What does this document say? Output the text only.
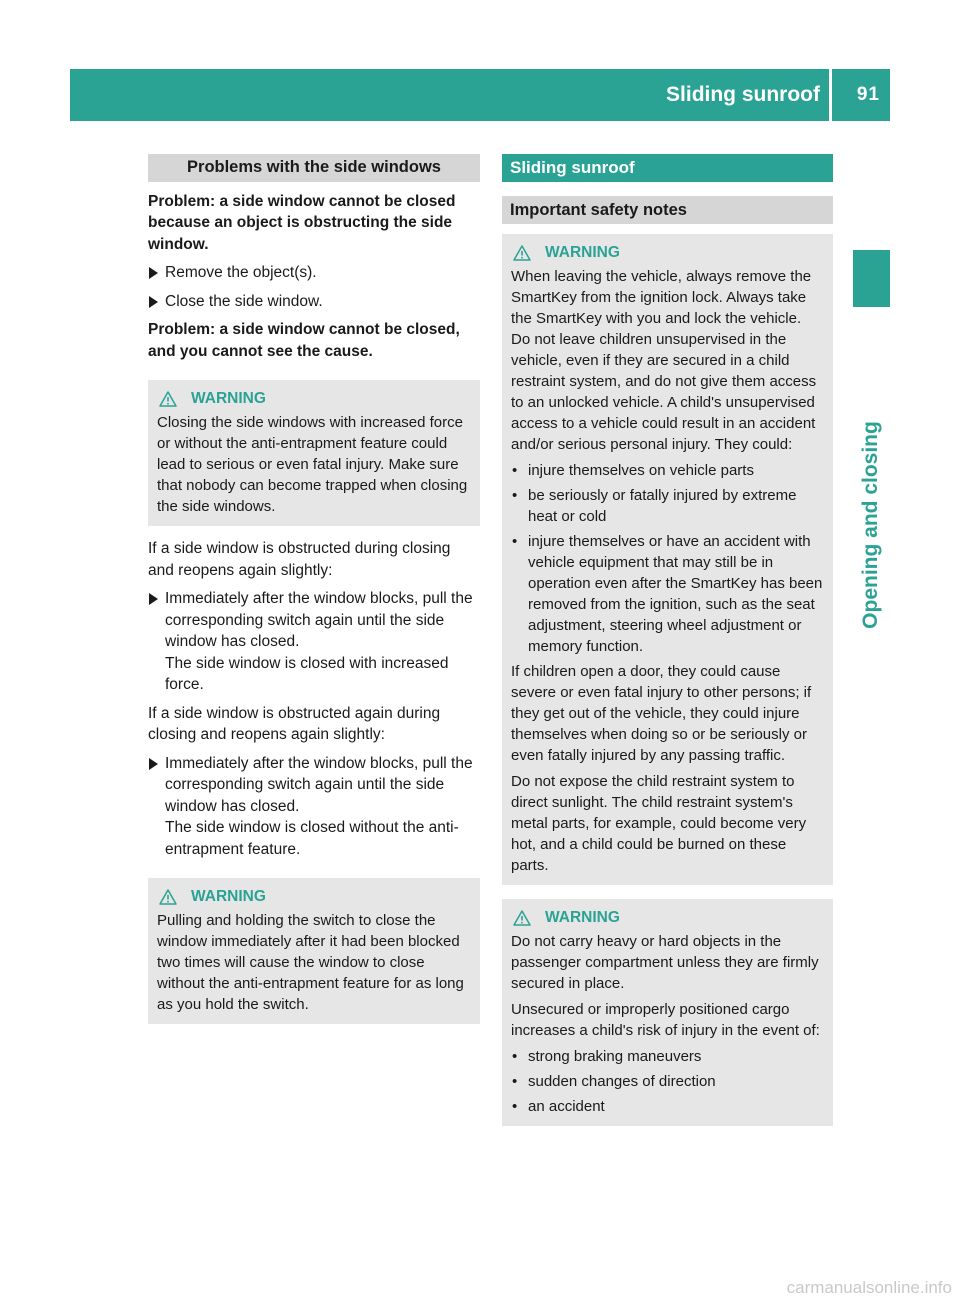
Sliding sunroof 91
Opening and closing
Problems with the side windows

Problem: a side window cannot be closed because an object is obstructing the side window.

Remove the object(s).
Close the side window.

Problem: a side window cannot be closed, and you cannot see the cause.

WARNING

Closing the side windows with increased force or without the anti-entrapment feature could lead to serious or even fatal injury. Make sure that nobody can become trapped when closing the side windows.

If a side window is obstructed during closing and reopens again slightly:

Immediately after the window blocks, pull the corresponding switch again until the side window has closed.
The side window is closed with increased force.

If a side window is obstructed again during closing and reopens again slightly:

Immediately after the window blocks, pull the corresponding switch again until the side window has closed.
The side window is closed without the anti-entrapment feature.
WARNING

Pulling and holding the switch to close the window immediately after it had been blocked two times will cause the window to close without the anti-entrapment feature for as long as you hold the switch.

Sliding sunroof
Important safety notes
WARNING

When leaving the vehicle, always remove the SmartKey from the ignition lock. Always take the SmartKey with you and lock the vehicle. Do not leave children unsupervised in the vehicle, even if they are secured in a child restraint system, and do not give them access to an unlocked vehicle. A child's unsupervised access to a vehicle could result in an accident and/or serious personal injury. They could:

• injure themselves on vehicle parts
• be seriously or fatally injured by extreme heat or cold
• injure themselves or have an accident with vehicle equipment that may still be in operation even after the SmartKey has been removed from the ignition, such as the seat adjustment, steering wheel adjustment or memory function.

If children open a door, they could cause severe or even fatal injury to other persons; if they get out of the vehicle, they could injure themselves when doing so or be seriously or even fatally injured by any passing traffic.

Do not expose the child restraint system to direct sunlight. The child restraint system's metal parts, for example, could become very hot, and a child could be burned on these parts.

WARNING

Do not carry heavy or hard objects in the passenger compartment unless they are firmly secured in place.

Unsecured or improperly positioned cargo increases a child's risk of injury in the event of:

• strong braking maneuvers
• sudden changes of direction
• an accident
carmanualsonline.info
